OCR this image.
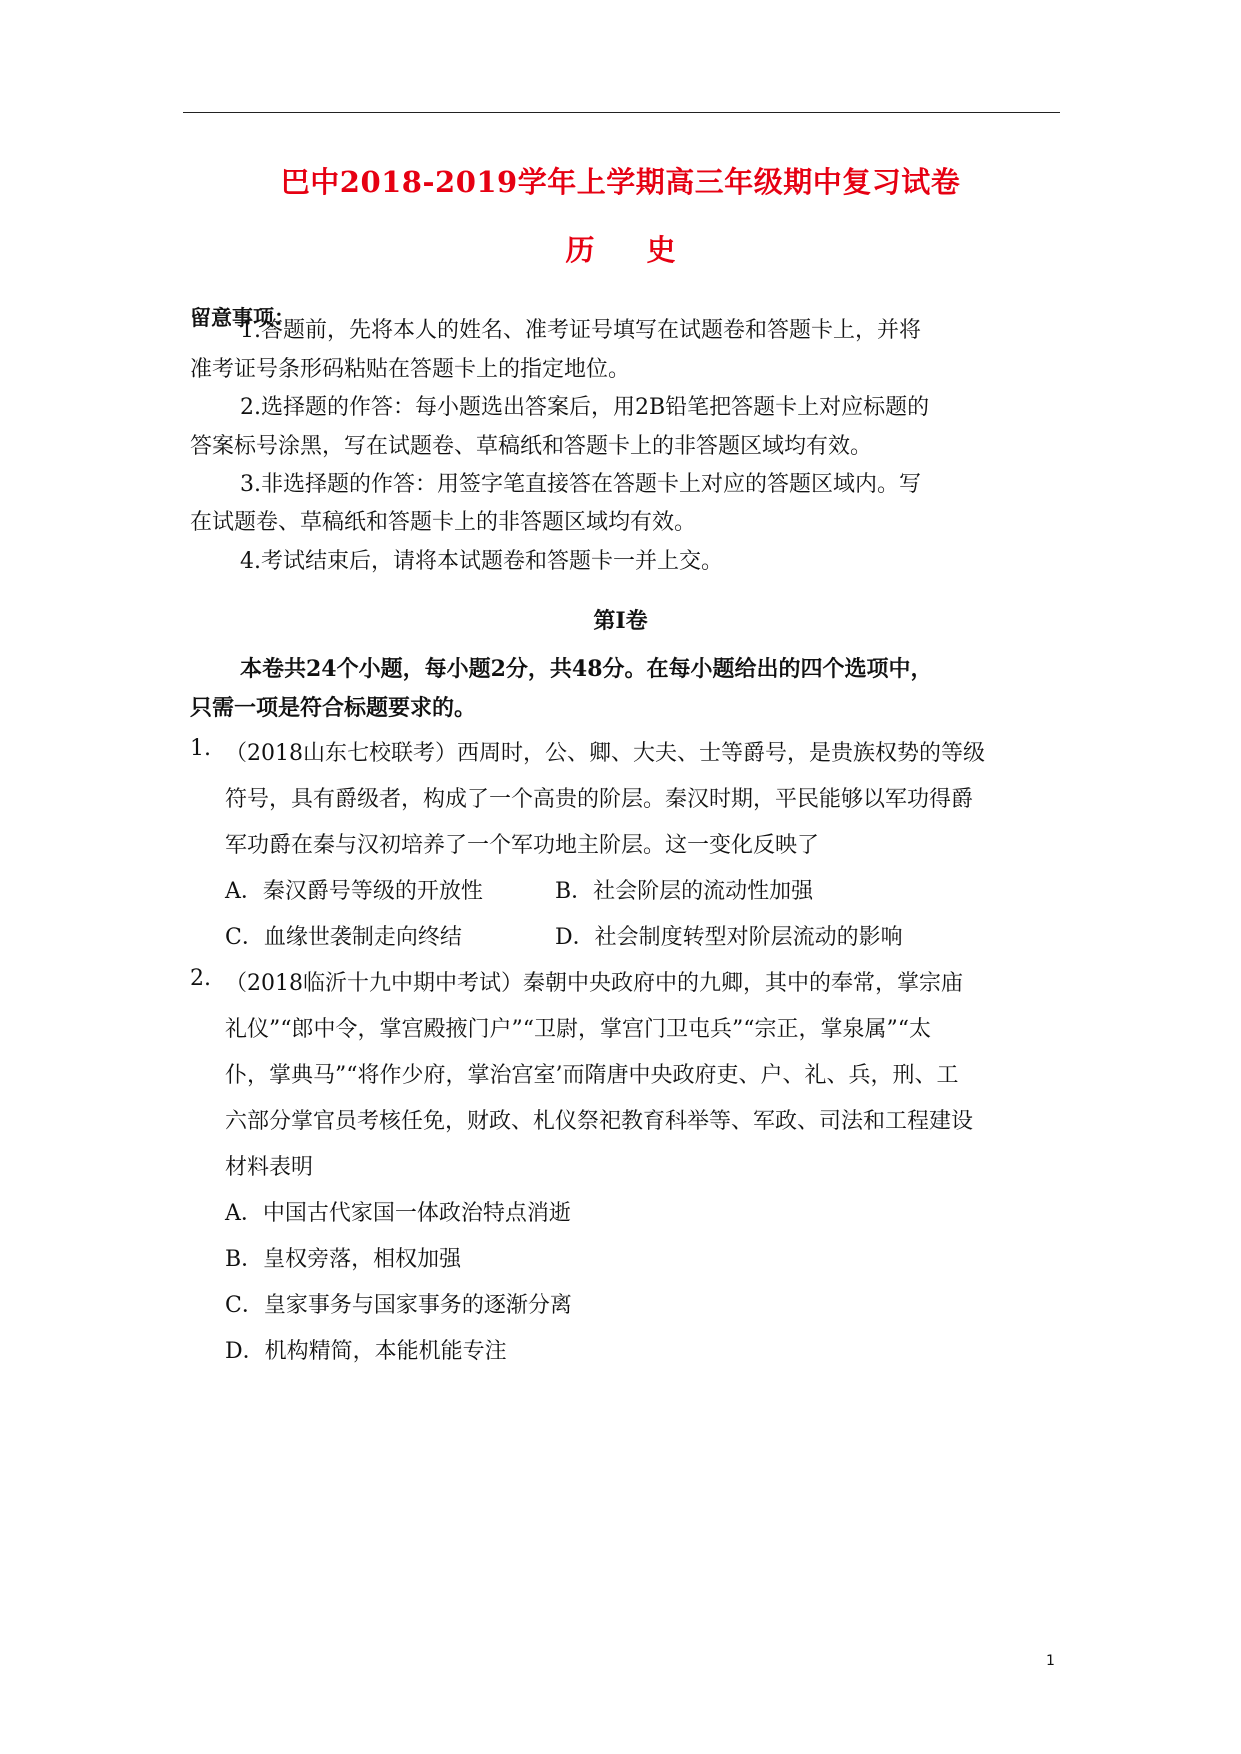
巴中2018-2019学年上学期高三年级期中复习试卷
历 史
留意事项：
1.答题前，先将本人的姓名、准考证号填写在试题卷和答题卡上，并将
准考证号条形码粘贴在答题卡上的指定地位。
2.选择题的作答：每小题选出答案后，用2B铅笔把答题卡上对应标题的
答案标号涂黑，写在试题卷、草稿纸和答题卡上的非答题区域均有效。
3.非选择题的作答：用签字笔直接答在答题卡上对应的答题区域内。写
在试题卷、草稿纸和答题卡上的非答题区域均有效。
4.考试结束后，请将本试题卷和答题卡一并上交。
第Ⅰ卷
本卷共24个小题，每小题2分，共48分。在每小题给出的四个选项中，
只需一项是符合标题要求的。
1. （2018山东七校联考）西周时，公、卿、大夫、士等爵号，是贵族权势的等级
符号，具有爵级者，构成了一个高贵的阶层。秦汉时期，平民能够以军功得爵
军功爵在秦与汉初培养了一个军功地主阶层。这一变化反映了
A．秦汉爵号等级的开放性	B．社会阶层的流动性加强
C．血缘世袭制走向终结	D．社会制度转型对阶层流动的影响
2. （2018临沂十九中期中考试）秦朝中央政府中的九卿，其中的奉常，掌宗庙
礼仪”“郎中令，掌宫殿掖门户”“卫尉，掌宫门卫屯兵”“宗正，掌泉属”“太
仆，掌典马”“将作少府，掌治宫室’而隋唐中央政府吏、户、礼、兵，刑、工
六部分掌官员考核任免，财政、札仪祭祀教育科举等、军政、司法和工程建设
材料表明
A．中国古代家国一体政治特点消逝
B．皇权旁落，相权加强
C．皇家事务与国家事务的逐渐分离
D．机构精简，本能机能专注
1
